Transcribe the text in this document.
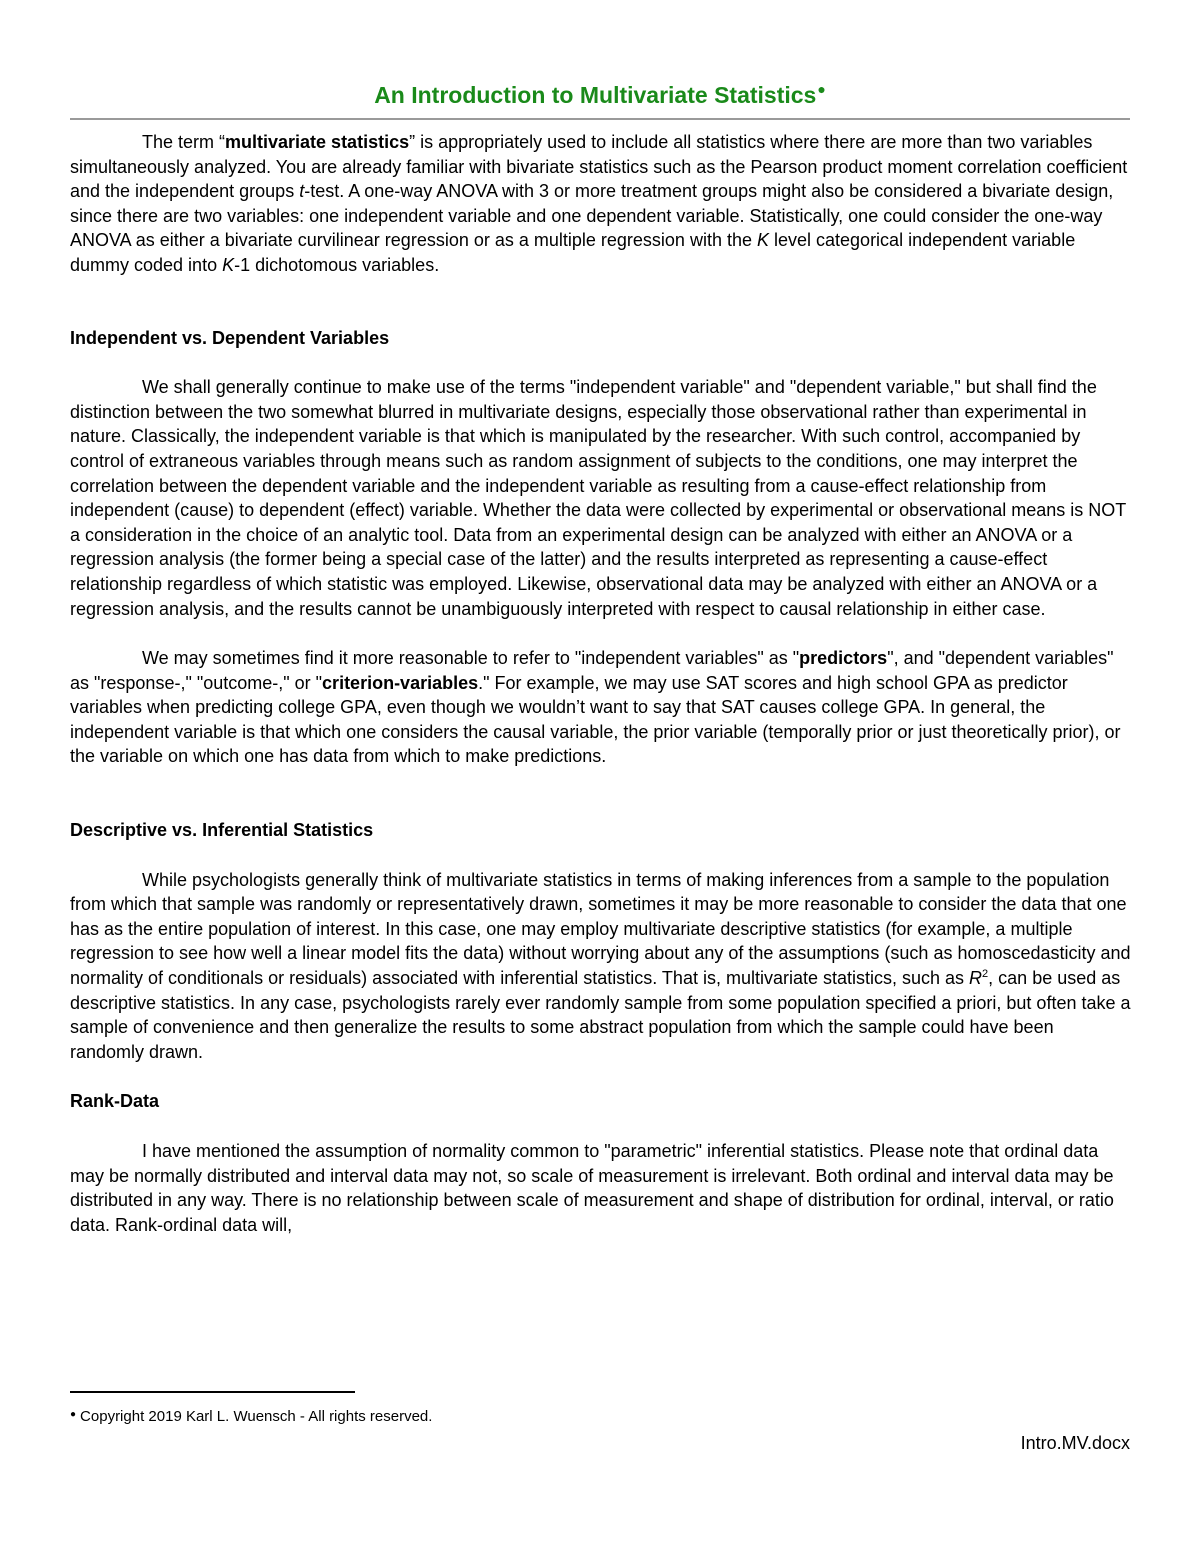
An Introduction to Multivariate Statistics●

The term “multivariate statistics” is appropriately used to include all statistics where there are more than two variables simultaneously analyzed. You are already familiar with bivariate statistics such as the Pearson product moment correlation coefficient and the independent groups t-test. A one-way ANOVA with 3 or more treatment groups might also be considered a bivariate design, since there are two variables: one independent variable and one dependent variable. Statistically, one could consider the one-way ANOVA as either a bivariate curvilinear regression or as a multiple regression with the K level categorical independent variable dummy coded into K-1 dichotomous variables.

Independent vs. Dependent Variables

We shall generally continue to make use of the terms "independent variable" and "dependent variable," but shall find the distinction between the two somewhat blurred in multivariate designs, especially those observational rather than experimental in nature. Classically, the independent variable is that which is manipulated by the researcher. With such control, accompanied by control of extraneous variables through means such as random assignment of subjects to the conditions, one may interpret the correlation between the dependent variable and the independent variable as resulting from a cause-effect relationship from independent (cause) to dependent (effect) variable. Whether the data were collected by experimental or observational means is NOT a consideration in the choice of an analytic tool. Data from an experimental design can be analyzed with either an ANOVA or a regression analysis (the former being a special case of the latter) and the results interpreted as representing a cause-effect relationship regardless of which statistic was employed. Likewise, observational data may be analyzed with either an ANOVA or a regression analysis, and the results cannot be unambiguously interpreted with respect to causal relationship in either case.

We may sometimes find it more reasonable to refer to "independent variables" as "predictors", and "dependent variables" as "response-," "outcome-," or "criterion-variables." For example, we may use SAT scores and high school GPA as predictor variables when predicting college GPA, even though we wouldn’t want to say that SAT causes college GPA. In general, the independent variable is that which one considers the causal variable, the prior variable (temporally prior or just theoretically prior), or the variable on which one has data from which to make predictions.

Descriptive vs. Inferential Statistics

While psychologists generally think of multivariate statistics in terms of making inferences from a sample to the population from which that sample was randomly or representatively drawn, sometimes it may be more reasonable to consider the data that one has as the entire population of interest. In this case, one may employ multivariate descriptive statistics (for example, a multiple regression to see how well a linear model fits the data) without worrying about any of the assumptions (such as homoscedasticity and normality of conditionals or residuals) associated with inferential statistics. That is, multivariate statistics, such as $R^2$, can be used as descriptive statistics. In any case, psychologists rarely ever randomly sample from some population specified a priori, but often take a sample of convenience and then generalize the results to some abstract population from which the sample could have been randomly drawn.

Rank-Data

I have mentioned the assumption of normality common to "parametric" inferential statistics. Please note that ordinal data may be normally distributed and interval data may not, so scale of measurement is irrelevant. Both ordinal and interval data may be distributed in any way. There is no relationship between scale of measurement and shape of distribution for ordinal, interval, or ratio data. Rank-ordinal data will,

● Copyright 2019 Karl L. Wuensch - All rights reserved.
Intro.MV.docx
